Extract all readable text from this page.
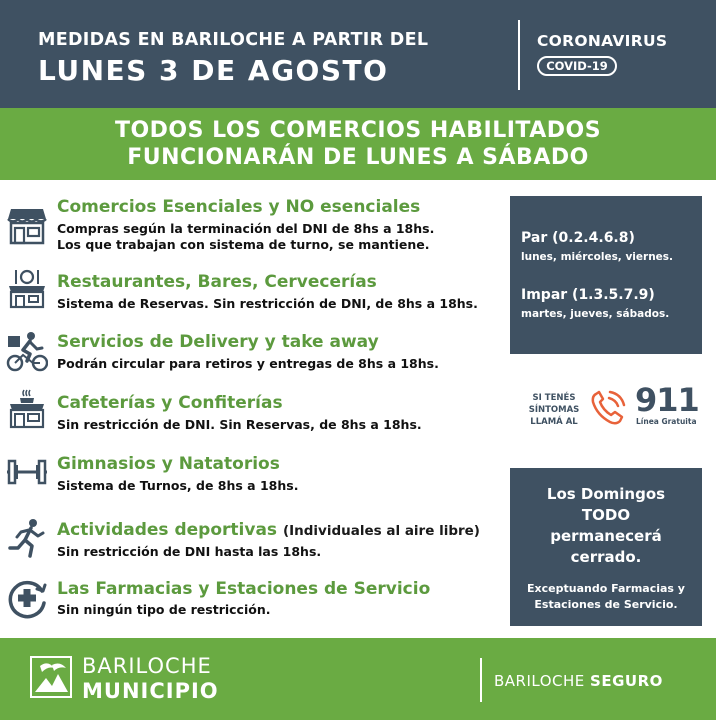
MEDIDAS EN BARILOCHE A PARTIR DEL
LUNES 3 DE AGOSTO
CORONAVIRUS
COVID-19
TODOS LOS COMERCIOS HABILITADOS
FUNCIONARÁN DE LUNES A SÁBADO
Comercios Esenciales y NO esenciales
Compras según la terminación del DNI de 8hs a 18hs.
Los que trabajan con sistema de turno, se mantiene.
Restaurantes, Bares, Cervecerías
Sistema de Reservas. Sin restricción de DNI, de 8hs a 18hs.
Servicios de Delivery y take away
Podrán circular para retiros y entregas de 8hs a 18hs.
Cafeterías y Confiterías
Sin restricción de DNI. Sin Reservas, de 8hs a 18hs.
Gimnasios y Natatorios
Sistema de Turnos, de 8hs a 18hs.
Actividades deportivas (Individuales al aire libre)
Sin restricción de DNI hasta las 18hs.
Las Farmacias y Estaciones de Servicio
Sin ningún tipo de restricción.
Par (0.2.4.6.8)
lunes, miércoles, viernes.
Impar (1.3.5.7.9)
martes, jueves, sábados.
SI TENÉS
SÍNTOMAS
LLAMÁ AL
911
Línea Gratuita
Los Domingos
TODO
permanecerá
cerrado.
Exceptuando Farmacias y
Estaciones de Servicio.
BARILOCHE
MUNICIPIO	BARILOCHE SEGURO
